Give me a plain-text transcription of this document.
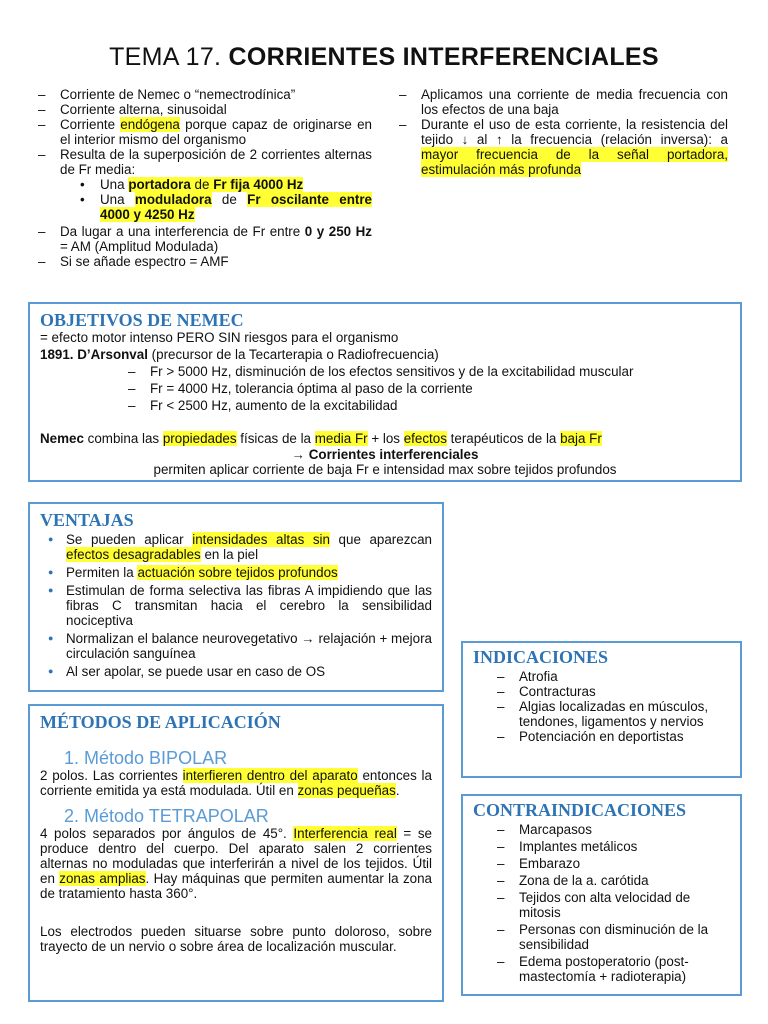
TEMA 17. CORRIENTES INTERFERENCIALES
– Corriente de Nemec o “nemectrodínica”
– Corriente alterna, sinusoidal
– Corriente endógena porque capaz de originarse en el interior mismo del organismo
– Resulta de la superposición de 2 corrientes alternas de Fr media:
• Una portadora de Fr fija 4000 Hz
• Una moduladora de Fr oscilante entre 4000 y 4250 Hz
– Da lugar a una interferencia de Fr entre 0 y 250 Hz = AM (Amplitud Modulada)
– Si se añade espectro = AMF
– Aplicamos una corriente de media frecuencia con los efectos de una baja
– Durante el uso de esta corriente, la resistencia del tejido ↓ al ↑ la frecuencia (relación inversa): a mayor frecuencia de la señal portadora, estimulación más profunda
OBJETIVOS DE NEMEC
= efecto motor intenso PERO SIN riesgos para el organismo
1891. D’Arsonval (precursor de la Tecarterapia o Radiofrecuencia)
– Fr > 5000 Hz, disminución de los efectos sensitivos y de la excitabilidad muscular
– Fr = 4000 Hz, tolerancia óptima al paso de la corriente
– Fr < 2500 Hz, aumento de la excitabilidad
Nemec combina las propiedades físicas de la media Fr + los efectos terapéuticos de la baja Fr
→ Corrientes interferenciales
permiten aplicar corriente de baja Fr e intensidad max sobre tejidos profundos
VENTAJAS
● Se pueden aplicar intensidades altas sin que aparezcan efectos desagradables en la piel
● Permiten la actuación sobre tejidos profundos
● Estimulan de forma selectiva las fibras A impidiendo que las fibras C transmitan hacia el cerebro la sensibilidad nociceptiva
● Normalizan el balance neurovegetativo → relajación + mejora circulación sanguínea
● Al ser apolar, se puede usar en caso de OS
MÉTODOS DE APLICACIÓN
1. Método BIPOLAR
2 polos. Las corrientes interfieren dentro del aparato entonces la corriente emitida ya está modulada. Útil en zonas pequeñas.
2. Método TETRAPOLAR
4 polos separados por ángulos de 45°. Interferencia real = se produce dentro del cuerpo. Del aparato salen 2 corrientes alternas no moduladas que interferirán a nivel de los tejidos. Útil en zonas amplias. Hay máquinas que permiten aumentar la zona de tratamiento hasta 360°.
Los electrodos pueden situarse sobre punto doloroso, sobre trayecto de un nervio o sobre área de localización muscular.
INDICACIONES
– Atrofia
– Contracturas
– Algias localizadas en músculos, tendones, ligamentos y nervios
– Potenciación en deportistas
CONTRAINDICACIONES
– Marcapasos
– Implantes metálicos
– Embarazo
– Zona de la a. carótida
– Tejidos con alta velocidad de mitosis
– Personas con disminución de la sensibilidad
– Edema postoperatorio (post-mastectomía + radioterapia)
